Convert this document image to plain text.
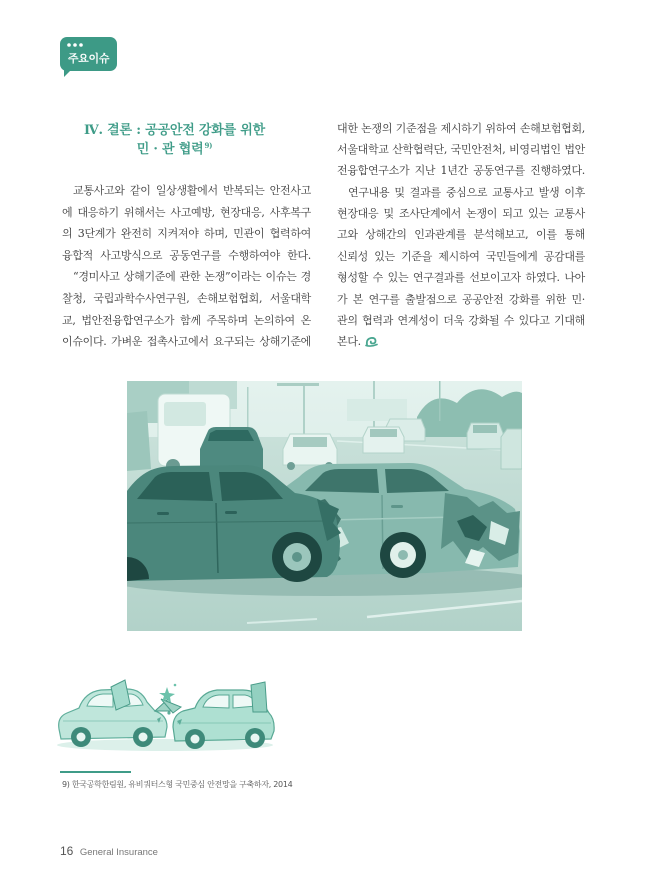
주요이슈
Ⅳ. 결론 : 공공안전 강화를 위한
민 · 관 협력$^{9)}$
교통사고와 같이 일상생활에서 반복되는 안전사고
에 대응하기 위해서는 사고예방, 현장대응, 사후복구
의 3단계가 완전히 지켜져야 하며, 민관이 협력하여
융합적 사고방식으로 공동연구를 수행하여야 한다.
“경미사고 상해기준에 관한 논쟁”이라는 이슈는 경
찰청, 국립과학수사연구원, 손해보험협회, 서울대학
교, 법안전융합연구소가 함께 주목하며 논의하여 온
이슈이다. 가벼운 접촉사고에서 요구되는 상해기준에
대한 논쟁의 기준점을 제시하기 위하여 손해보험협회,
서울대학교 산학협력단, 국민안전처, 비영리법인 법안
전융합연구소가 지난 1년간 공동연구를 진행하였다.
연구내용 및 결과를 중심으로 교통사고 발생 이후
현장대응 및 조사단계에서 논쟁이 되고 있는 교통사
고와 상해간의 인과관계를 분석해보고, 이를 통해
신뢰성 있는 기준을 제시하여 국민들에게 공감대를
형성할 수 있는 연구결과를 선보이고자 하였다. 나아
가 본 연구를 출발점으로 공공안전 강화를 위한 민·
관의 협력과 연계성이 더욱 강화될 수 있다고 기대해
본다.
9) 한국공학한림원, 유비쿼터스형 국민중심 안전망을 구축하자, 2014
16 General Insurance
